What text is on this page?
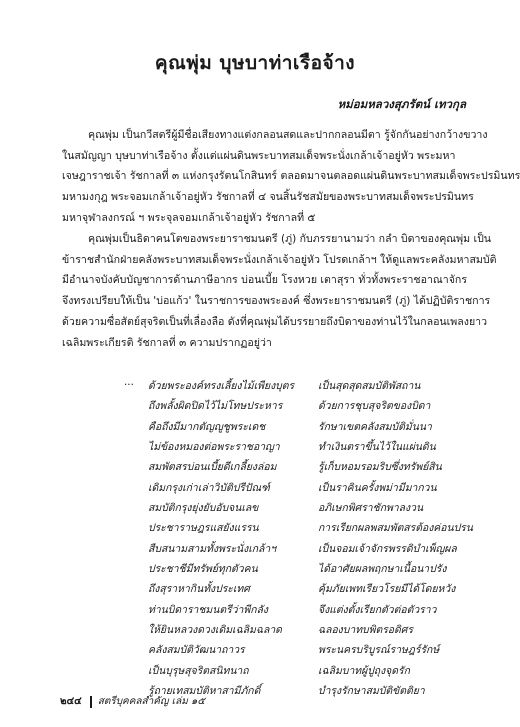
คุณพุ่ม บุษบาท่าเรือจ้าง
หม่อมหลวงสุภรัตน์ เทวกุล
คุณพุ่ม เป็นกวีสตรีผู้มีชื่อเสียงทางแต่งกลอนสดและปากกลอนมีตา รู้จักกันอย่างกว้างขวาง
ในสมัญญา บุษบาท่าเรือจ้าง ตั้งแต่แผ่นดินพระบาทสมเด็จพระนั่งเกล้าเจ้าอยู่หัว พระมหา
เจษฎาราชเจ้า รัชกาลที่ ๓ แห่งกรุงรัตนโกสินทร์ ตลอดมาจนตลอดแผ่นดินพระบาทสมเด็จพระปรมินทร
มหามงกุฎ พระจอมเกล้าเจ้าอยู่หัว รัชกาลที่ ๔ จนสิ้นรัชสมัยของพระบาทสมเด็จพระปรมินทร
มหาจุฬาลงกรณ์ ฯ พระจุลจอมเกล้าเจ้าอยู่หัว รัชกาลที่ ๕
คุณพุ่มเป็นธิดาคนโตของพระยาราชมนตรี (ภู่) กับภรรยานามว่า กลำ บิดาของคุณพุ่ม เป็น
ข้าราชสำนักฝ่ายคลังพระบาทสมเด็จพระนั่งเกล้าเจ้าอยู่หัว โปรดเกล้าฯ ให้ดูแลพระคลังมหาสมบัติ
มีอำนาจบังคับบัญชาการด้านภาษีอากร บ่อนเบี้ย โรงหวย เตาสุรา ทั่วทั้งพระราชอาณาจักร
จึงทรงเปรียบให้เป็น 'บ่อแก้ว' ในราชการของพระองค์ ซึ่งพระยาราชมนตรี (ภู่) ได้ปฏิบัติราชการ
ด้วยความซื่อสัตย์สุจริตเป็นที่เลื่องลือ ดังที่คุณพุ่มได้บรรยายถึงบิดาของท่านไว้ในกลอนเพลงยาว
เฉลิมพระเกียรติ รัชกาลที่ ๓ ความปรากฏอยู่ว่า
... ด้วยพระองค์ทรงเลี้ยงไม้เพียงบุตร	เป็นสุดสุดสมบัติพัสถาน
ถึงพลั้งผิดปิดไว้ไม่โทษประหาร	ด้วยการชุบสุจริตของบิดา
คือถึงมีมากตัญญูชูพระเดช	รักษาเขตคลังสมบัติมั่นนา
ไม่ข้องหมองต่อพระราชอาญา	ทำเงินตราขึ้นไว้ในแผ่นดิน
สมพัตสรบ่อนเบี้ยดีเกลี้ยงล่อม	รู้เก็บหอมรอมริบซึ่งทรัพย์สิน
เดิมกรุงเก่าเล่าวิบัติปรีปัณฑ์	เป็นราคินครั้งพม่ามีมากวน
สมบัติกรุงยุ่งยับอับจนเลข	อภิเษกพิศราชักพาลงวน
ประชาราษฎรแสยังแรรน	การเรียกผลพสมพัตสรต้องค่อนปรน
สืบสนามสามทั้งพระนั่งเกล้าฯ	เป็นจอมเจ้าจักรพรรดิบำเพ็ญผล
ประชาชีมีทรัพย์ทุกตัวคน	ได้อาศัยผลพฤกษาเนื้อนาปรัง
ถึงสุราหากินทั้งประเทศ	คุ้มภัยเพทเรียวโรยมีได้โดยหวัง
ท่านบิดาราชมนตรีว่าพีกลัง	จึงแต่งตั้งเรียกตัวต่อตัวราว
ให้ยินหลวงดวงเดิมเฉลิมฉลาด	ฉลองบาทบพิตรอดิศร
คลังสมบัติวัฒนาถาวร	พระนครบริบูรณ์ราษฎร์รักษ์
เป็นบุรุษสุจริตสนิทนาถ	เฉลิมบาทผู้ปูถุงจุดรัก
รู้ถายเทสมบัติหาสามีภักดิ์	บำรุงรักษาสมบัติขัตติยา
๒๔๔ สตรีบุคคลสำคัญ เล่ม ๑๕
